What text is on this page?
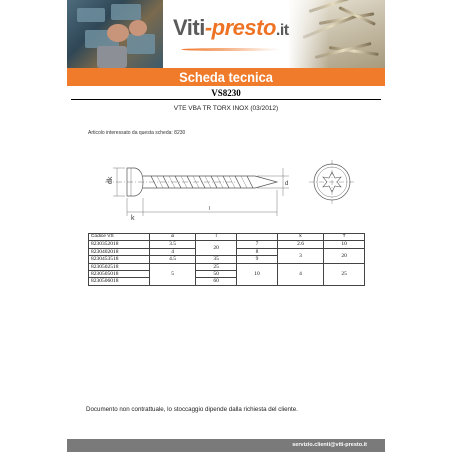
Viti-presto.it
Scheda tecnica
VS8230
VTE VBA TR TORX INOX (03/2012)
Articolo interessato da questa scheda: 8230
dk
k
l
d
Codice VS	ø	l		k	T
8230352018	3.5	20	7	2.6	10
8230402018	4		8	3	20
8230453518	4.5	35	9		
8230502518	5	25	10	4	25
8230505018		50			
8230506018		60			
Documento non contrattuale, lo stoccaggio dipende dalla richiesta del cliente.
servizio.clienti@viti-presto.it
